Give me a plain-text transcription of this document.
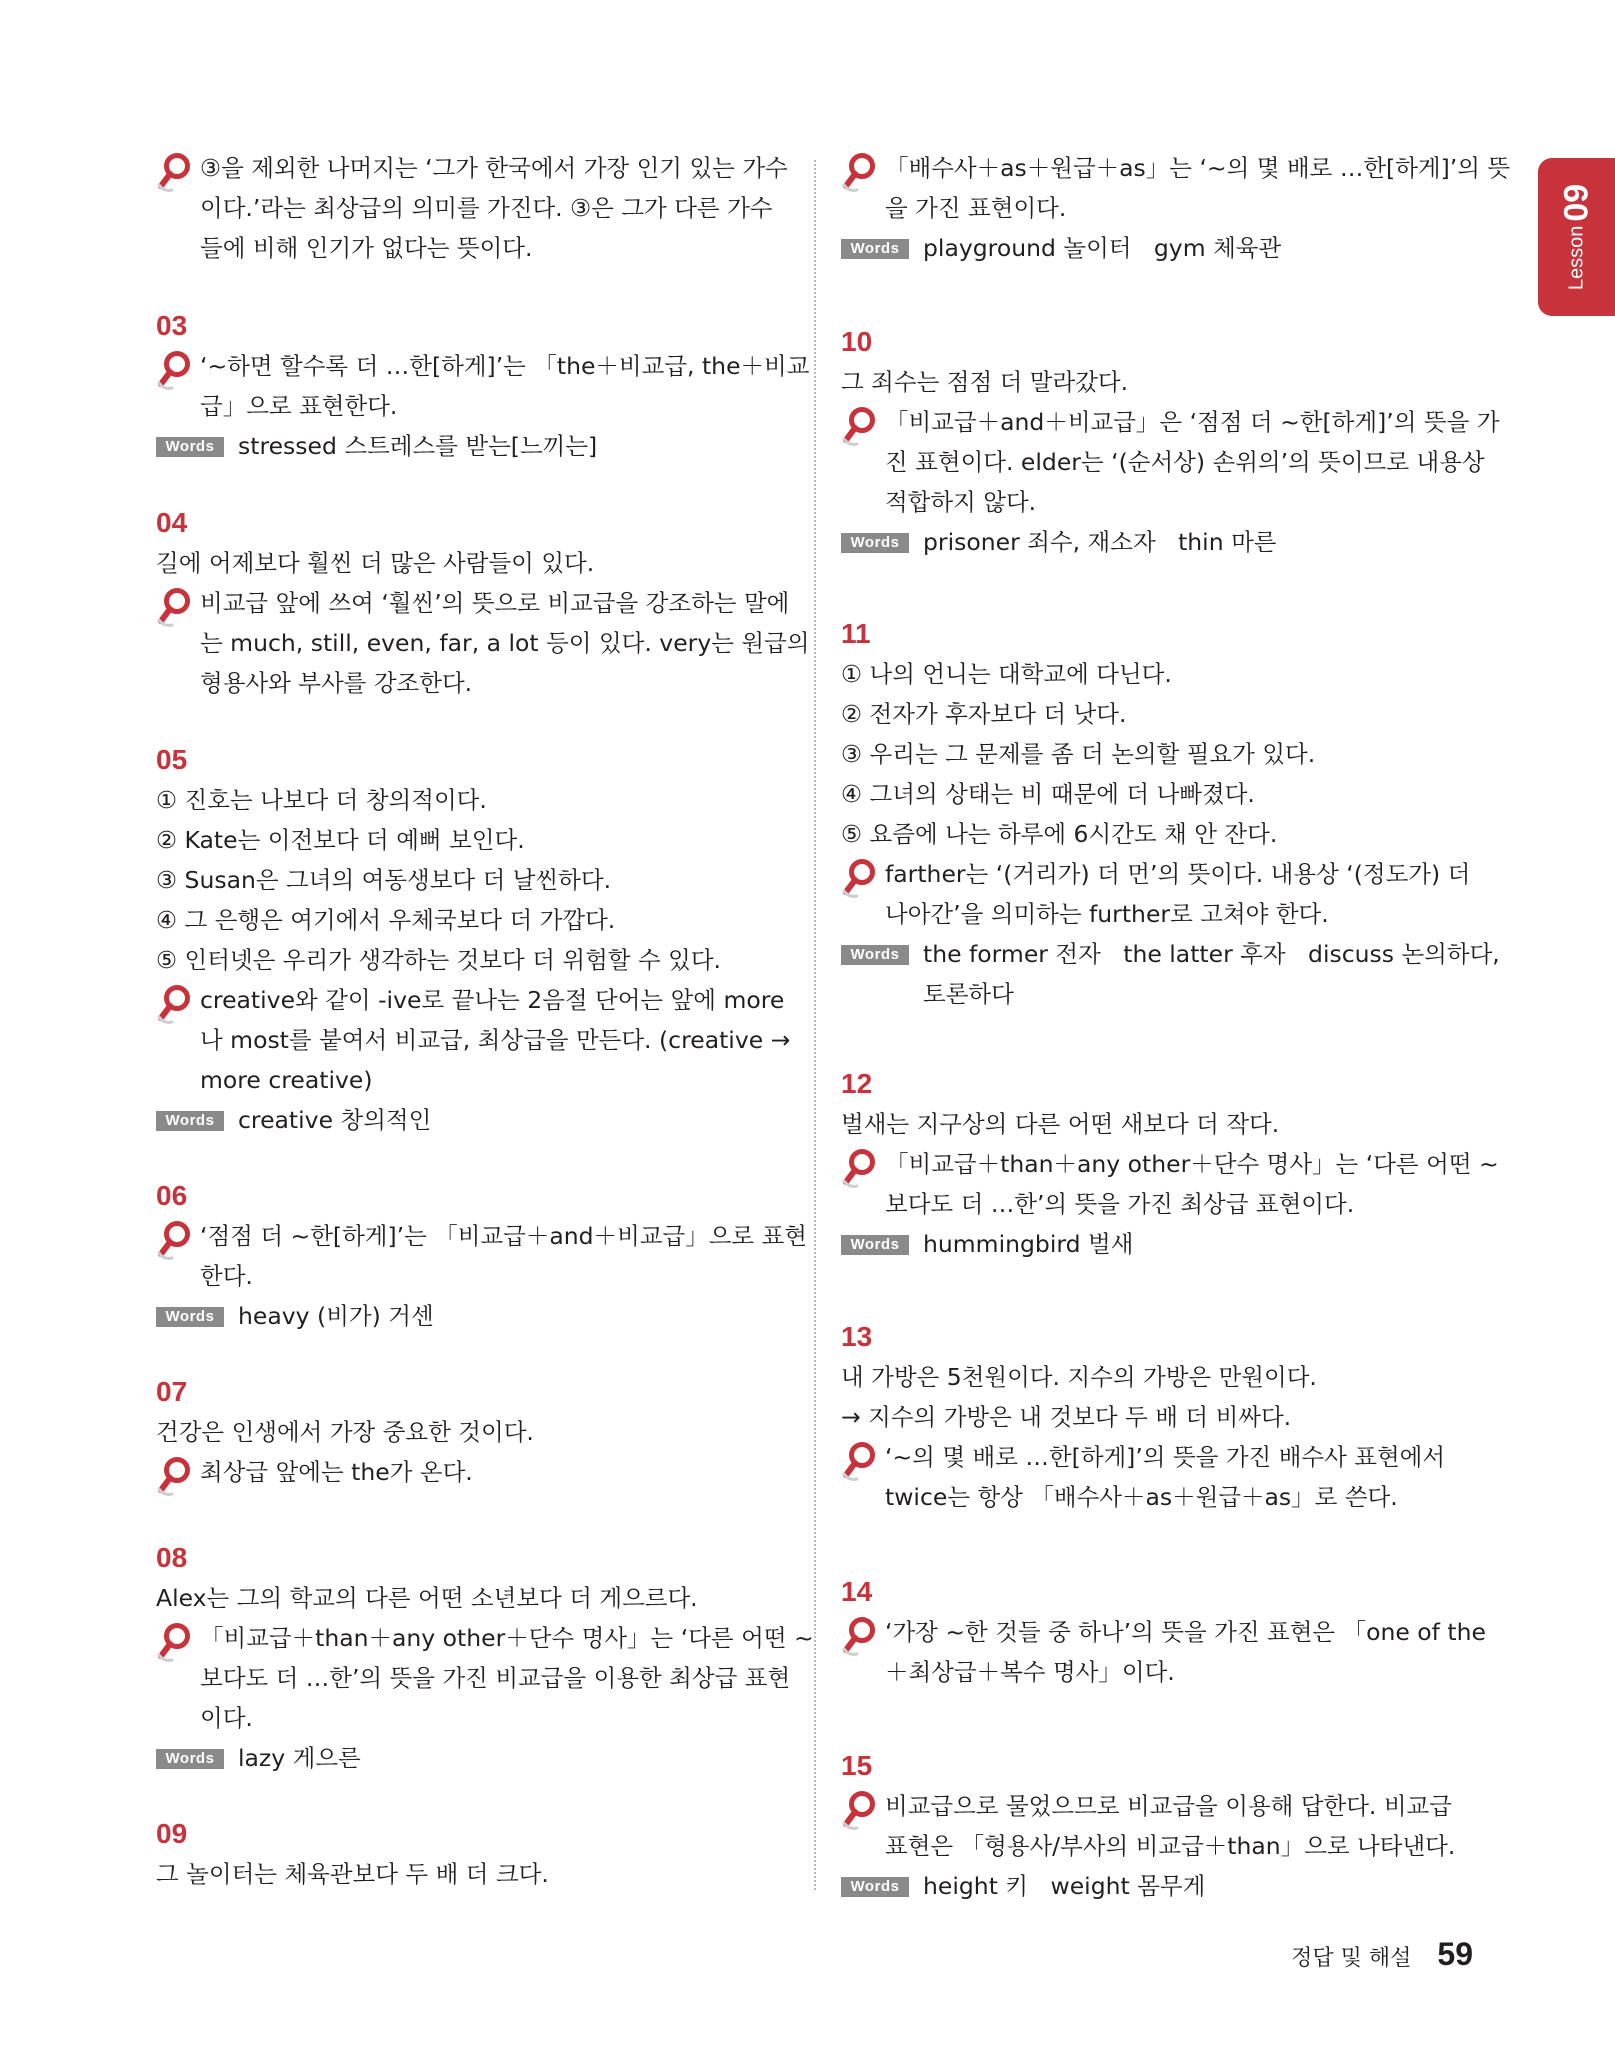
Lesson09
③을 제외한 나머지는 ‘그가 한국에서 가장 인기 있는 가수
이다.’라는 최상급의 의미를 가진다. ③은 그가 다른 가수
들에 비해 인기가 없다는 뜻이다.
03
‘~하면 할수록 더 …한[하게]’는 「the＋비교급, the＋비교
급」으로 표현한다.
Words	stressed 스트레스를 받는[느끼는]
04
길에 어제보다 훨씬 더 많은 사람들이 있다.
비교급 앞에 쓰여 ‘훨씬’의 뜻으로 비교급을 강조하는 말에
는 much, still, even, far, a lot 등이 있다. very는 원급의
형용사와 부사를 강조한다.
05
① 진호는 나보다 더 창의적이다.
② Kate는 이전보다 더 예뻐 보인다.
③ Susan은 그녀의 여동생보다 더 날씬하다.
④ 그 은행은 여기에서 우체국보다 더 가깝다.
⑤ 인터넷은 우리가 생각하는 것보다 더 위험할 수 있다.
creative와 같이 -ive로 끝나는 2음절 단어는 앞에 more
나 most를 붙여서 비교급, 최상급을 만든다. (creative →
more creative)
Words	creative 창의적인
06
‘점점 더 ~한[하게]’는 「비교급＋and＋비교급」으로 표현
한다.
Words	heavy (비가) 거센
07
건강은 인생에서 가장 중요한 것이다.
최상급 앞에는 the가 온다.
08
Alex는 그의 학교의 다른 어떤 소년보다 더 게으르다.
「비교급＋than＋any other＋단수 명사」는 ‘다른 어떤 ~
보다도 더 …한’의 뜻을 가진 비교급을 이용한 최상급 표현
이다.
Words	lazy 게으른
09
그 놀이터는 체육관보다 두 배 더 크다.
「배수사＋as＋원급＋as」는 ‘~의 몇 배로 …한[하게]’의 뜻
을 가진 표현이다.
Words	playground 놀이터   gym 체육관
10
그 죄수는 점점 더 말라갔다.
「비교급＋and＋비교급」은 ‘점점 더 ~한[하게]’의 뜻을 가
진 표현이다. elder는 ‘(순서상) 손위의’의 뜻이므로 내용상
적합하지 않다.
Words	prisoner 죄수, 재소자   thin 마른
11
① 나의 언니는 대학교에 다닌다.
② 전자가 후자보다 더 낫다.
③ 우리는 그 문제를 좀 더 논의할 필요가 있다.
④ 그녀의 상태는 비 때문에 더 나빠졌다.
⑤ 요즘에 나는 하루에 6시간도 채 안 잔다.
farther는 ‘(거리가) 더 먼’의 뜻이다. 내용상 ‘(정도가) 더
나아간’을 의미하는 further로 고쳐야 한다.
Words	the former 전자   the latter 후자   discuss 논의하다,
토론하다
12
벌새는 지구상의 다른 어떤 새보다 더 작다.
「비교급＋than＋any other＋단수 명사」는 ‘다른 어떤 ~
보다도 더 …한’의 뜻을 가진 최상급 표현이다.
Words	hummingbird 벌새
13
내 가방은 5천원이다. 지수의 가방은 만원이다.
→ 지수의 가방은 내 것보다 두 배 더 비싸다.
‘~의 몇 배로 …한[하게]’의 뜻을 가진 배수사 표현에서
twice는 항상 「배수사＋as＋원급＋as」로 쓴다.
14
‘가장 ~한 것들 중 하나’의 뜻을 가진 표현은 「one of the
＋최상급＋복수 명사」이다.
15
비교급으로 물었으므로 비교급을 이용해 답한다. 비교급
표현은 「형용사/부사의 비교급＋than」으로 나타낸다.
Words	height 키   weight 몸무게
정답 및 해설 59
